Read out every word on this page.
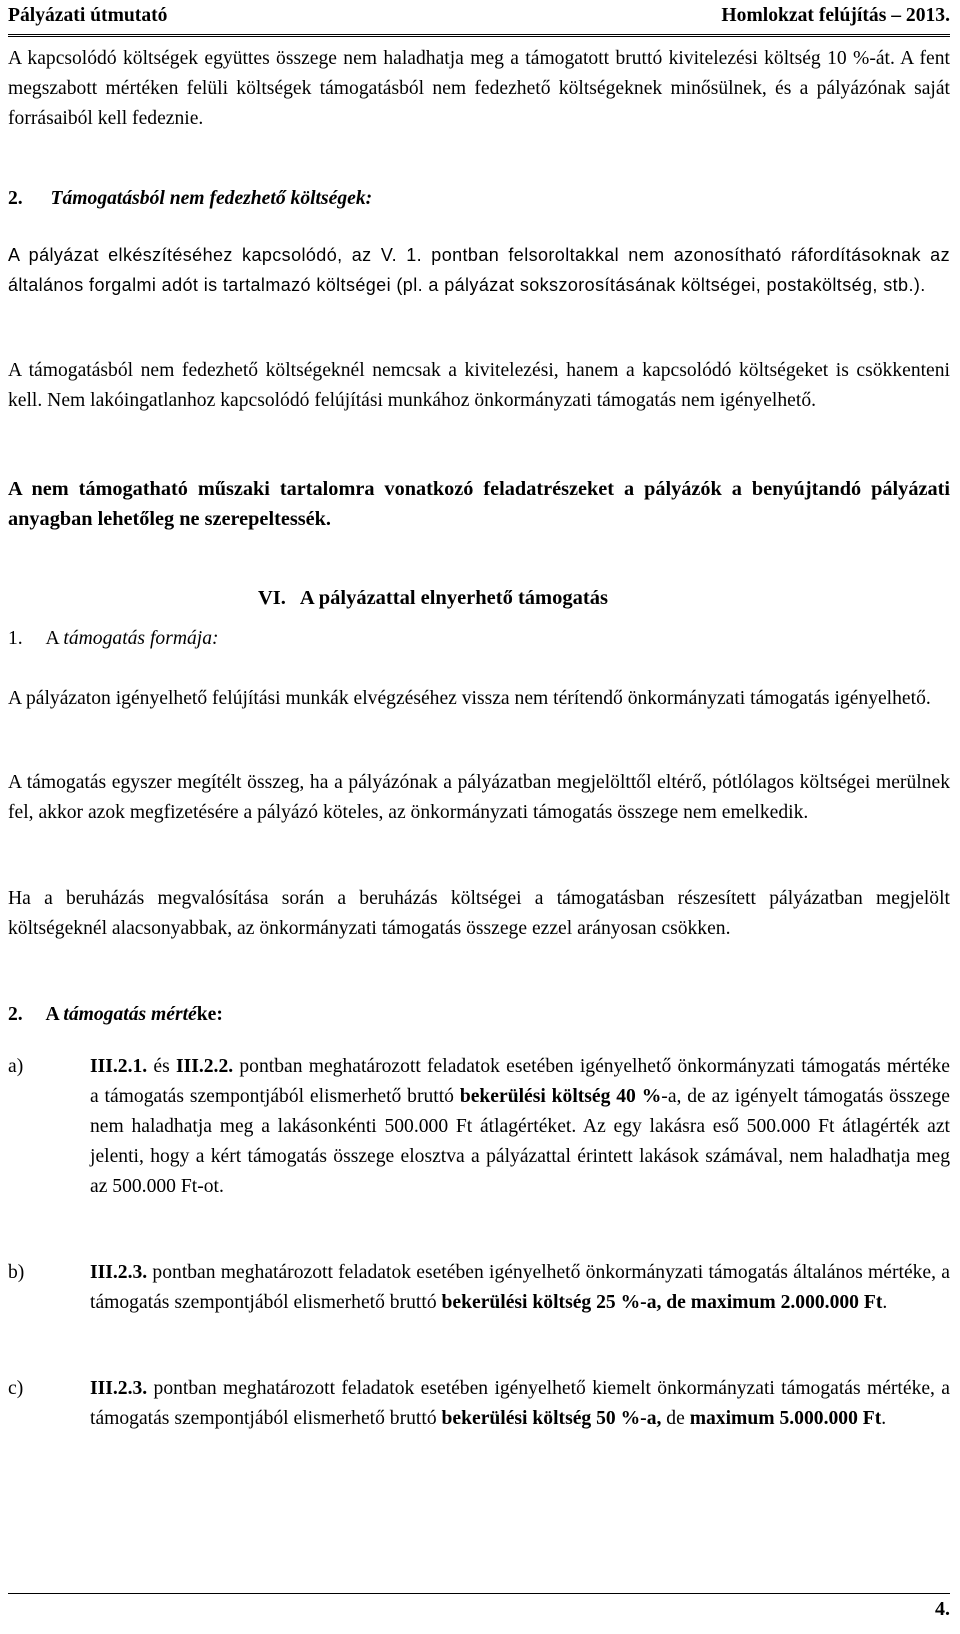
Pályázati útmutató	Homlokzat felújítás – 2013.

A kapcsolódó költségek együttes összege nem haladhatja meg a támogatott bruttó kivitelezési költség 10 %-át. A fent megszabott mértéken felüli költségek támogatásból nem fedezhető költségeknek minősülnek, és a pályázónak saját forrásaiból kell fedeznie.

2. Támogatásból nem fedezhető költségek:

A pályázat elkészítéséhez kapcsolódó, az V. 1. pontban felsoroltakkal nem azonosítható ráfordításoknak az általános forgalmi adót is tartalmazó költségei (pl. a pályázat sokszorosításának költségei, postaköltség, stb.).

A támogatásból nem fedezhető költségeknél nemcsak a kivitelezési, hanem a kapcsolódó költségeket is csökkenteni kell. Nem lakóingatlanhoz kapcsolódó felújítási munkához önkormányzati támogatás nem igényelhető.

A nem támogatható műszaki tartalomra vonatkozó feladatrészeket a pályázók a benyújtandó pályázati anyagban lehetőleg ne szerepeltessék.

VI. A pályázattal elnyerhető támogatás
1. A támogatás formája:

A pályázaton igényelhető felújítási munkák elvégzéséhez vissza nem térítendő önkormányzati támogatás igényelhető.

A támogatás egyszer megítélt összeg, ha a pályázónak a pályázatban megjelölttől eltérő, pótlólagos költségei merülnek fel, akkor azok megfizetésére a pályázó köteles, az önkormányzati támogatás összege nem emelkedik.

Ha a beruházás megvalósítása során a beruházás költségei a támogatásban részesített pályázatban megjelölt költségeknél alacsonyabbak, az önkormányzati támogatás összege ezzel arányosan csökken.

2. A támogatás mértéke:
a)	III.2.1. és III.2.2. pontban meghatározott feladatok esetében igényelhető önkormányzati támogatás mértéke a támogatás szempontjából elismerhető bruttó bekerülési költség 40 %-a, de az igényelt támogatás összege nem haladhatja meg a lakásonkénti 500.000 Ft átlagértéket. Az egy lakásra eső 500.000 Ft átlagérték azt jelenti, hogy a kért támogatás összege elosztva a pályázattal érintett lakások számával, nem haladhatja meg az 500.000 Ft-ot.
b)	III.2.3. pontban meghatározott feladatok esetében igényelhető önkormányzati támogatás általános mértéke, a támogatás szempontjából elismerhető bruttó bekerülési költség 25 %-a, de maximum 2.000.000 Ft.
c)	III.2.3. pontban meghatározott feladatok esetében igényelhető kiemelt önkormányzati támogatás mértéke, a támogatás szempontjából elismerhető bruttó bekerülési költség 50 %-a, de maximum 5.000.000 Ft.
4.
